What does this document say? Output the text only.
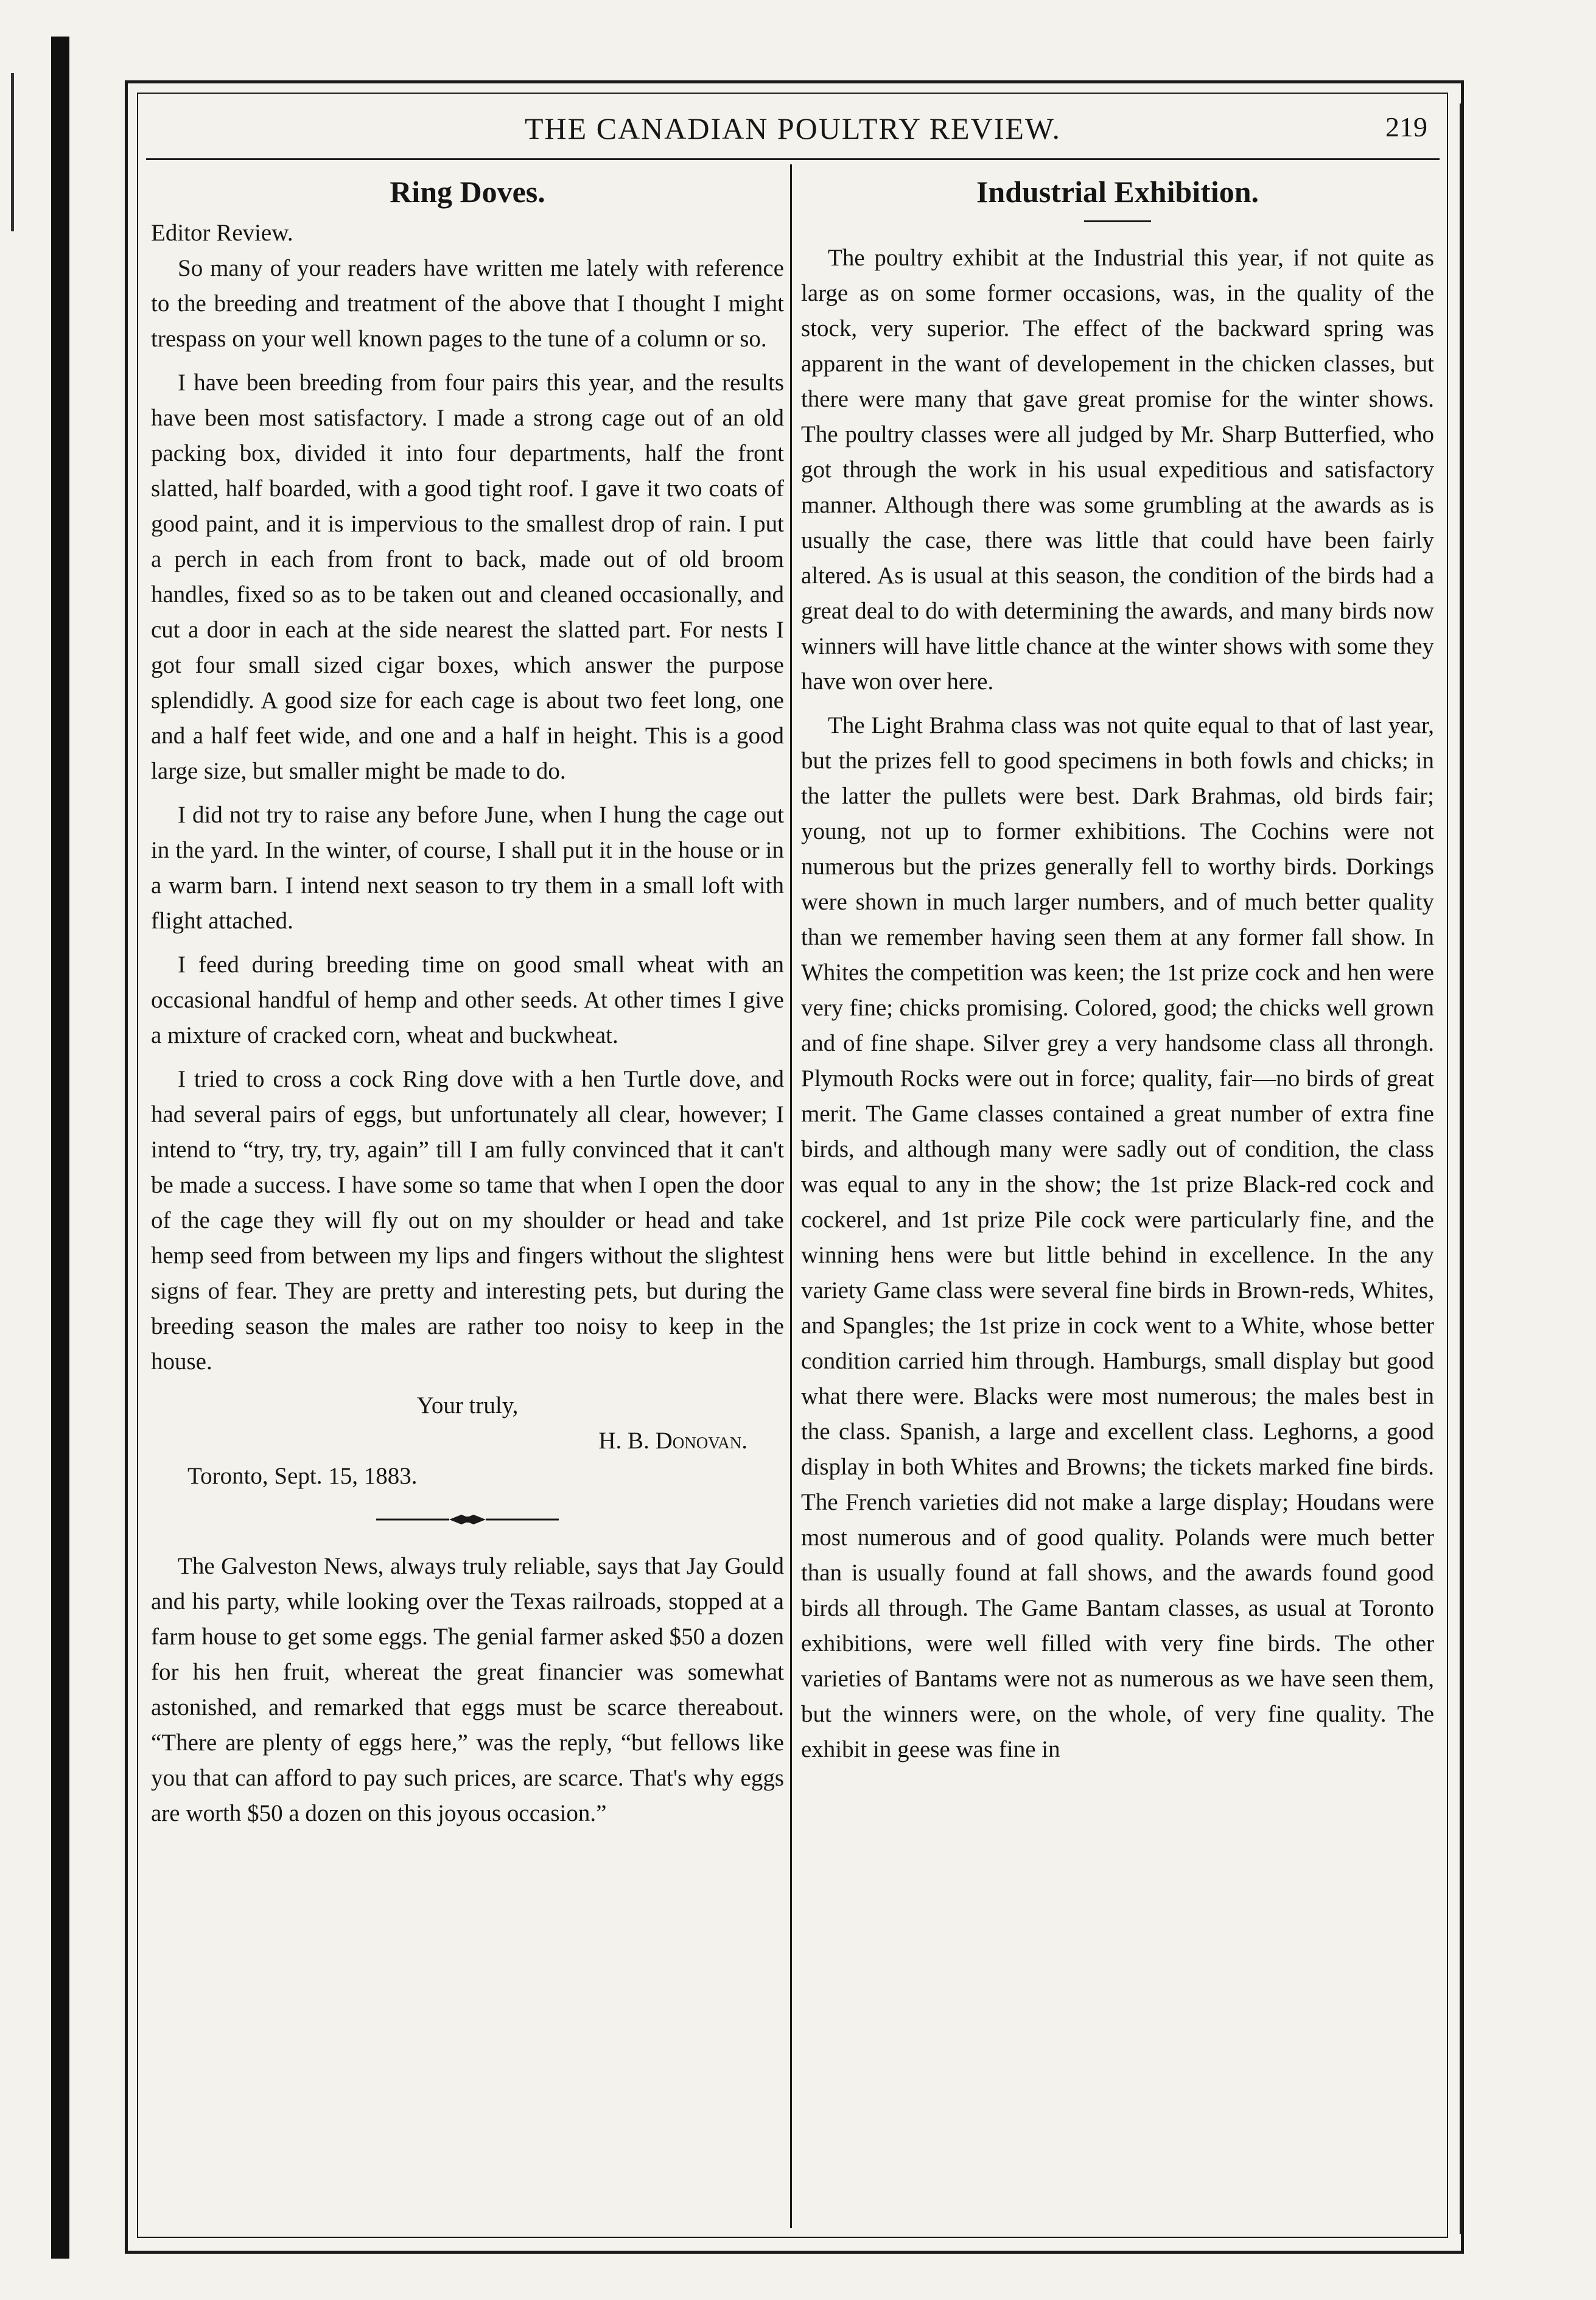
THE CANADIAN POULTRY REVIEW.	219
Ring Doves.

Editor Review.

So many of your readers have written me lately with reference to the breeding and treatment of the above that I thought I might trespass on your well known pages to the tune of a column or so.

I have been breeding from four pairs this year, and the results have been most satisfactory. I made a strong cage out of an old packing box, divided it into four departments, half the front slatted, half boarded, with a good tight roof. I gave it two coats of good paint, and it is impervious to the smallest drop of rain. I put a perch in each from front to back, made out of old broom handles, fixed so as to be taken out and cleaned occasionally, and cut a door in each at the side nearest the slatted part. For nests I got four small sized cigar boxes, which answer the purpose splendidly. A good size for each cage is about two feet long, one and a half feet wide, and one and a half in height. This is a good large size, but smaller might be made to do.

I did not try to raise any before June, when I hung the cage out in the yard. In the winter, of course, I shall put it in the house or in a warm barn. I intend next season to try them in a small loft with flight attached.

I feed during breeding time on good small wheat with an occasional handful of hemp and other seeds. At other times I give a mixture of cracked corn, wheat and buckwheat.

I tried to cross a cock Ring dove with a hen Turtle dove, and had several pairs of eggs, but unfortunately all clear, however; I intend to “try, try, try, again” till I am fully convinced that it can't be made a success. I have some so tame that when I open the door of the cage they will fly out on my shoulder or head and take hemp seed from between my lips and fingers without the slightest signs of fear. They are pretty and interesting pets, but during the breeding season the males are rather too noisy to keep in the house.

Your truly,

H. B. Donovan.

Toronto, Sept. 15, 1883.

The Galveston News, always truly reliable, says that Jay Gould and his party, while looking over the Texas railroads, stopped at a farm house to get some eggs. The genial farmer asked $50 a dozen for his hen fruit, whereat the great financier was somewhat astonished, and remarked that eggs must be scarce thereabout. “There are plenty of eggs here,” was the reply, “but fellows like you that can afford to pay such prices, are scarce. That's why eggs are worth $50 a dozen on this joyous occasion.”

Industrial Exhibition.

The poultry exhibit at the Industrial this year, if not quite as large as on some former occasions, was, in the quality of the stock, very superior. The effect of the backward spring was apparent in the want of developement in the chicken classes, but there were many that gave great promise for the winter shows. The poultry classes were all judged by Mr. Sharp Butterfied, who got through the work in his usual expeditious and satisfactory manner. Although there was some grumbling at the awards as is usually the case, there was little that could have been fairly altered. As is usual at this season, the condition of the birds had a great deal to do with determining the awards, and many birds now winners will have little chance at the winter shows with some they have won over here.

The Light Brahma class was not quite equal to that of last year, but the prizes fell to good specimens in both fowls and chicks; in the latter the pullets were best. Dark Brahmas, old birds fair; young, not up to former exhibitions. The Cochins were not numerous but the prizes generally fell to worthy birds. Dorkings were shown in much larger numbers, and of much better quality than we remember having seen them at any former fall show. In Whites the competition was keen; the 1st prize cock and hen were very fine; chicks promising. Colored, good; the chicks well grown and of fine shape. Silver grey a very handsome class all throngh. Plymouth Rocks were out in force; quality, fair—no birds of great merit. The Game classes contained a great number of extra fine birds, and although many were sadly out of condition, the class was equal to any in the show; the 1st prize Black-red cock and cockerel, and 1st prize Pile cock were particularly fine, and the winning hens were but little behind in excellence. In the any variety Game class were several fine birds in Brown-reds, Whites, and Spangles; the 1st prize in cock went to a White, whose better condition carried him through. Hamburgs, small display but good what there were. Blacks were most numerous; the males best in the class. Spanish, a large and excellent class. Leghorns, a good display in both Whites and Browns; the tickets marked fine birds. The French varieties did not make a large display; Houdans were most numerous and of good quality. Polands were much better than is usually found at fall shows, and the awards found good birds all through. The Game Bantam classes, as usual at Toronto exhibitions, were well filled with very fine birds. The other varieties of Bantams were not as numerous as we have seen them, but the winners were, on the whole, of very fine quality. The exhibit in geese was fine in
